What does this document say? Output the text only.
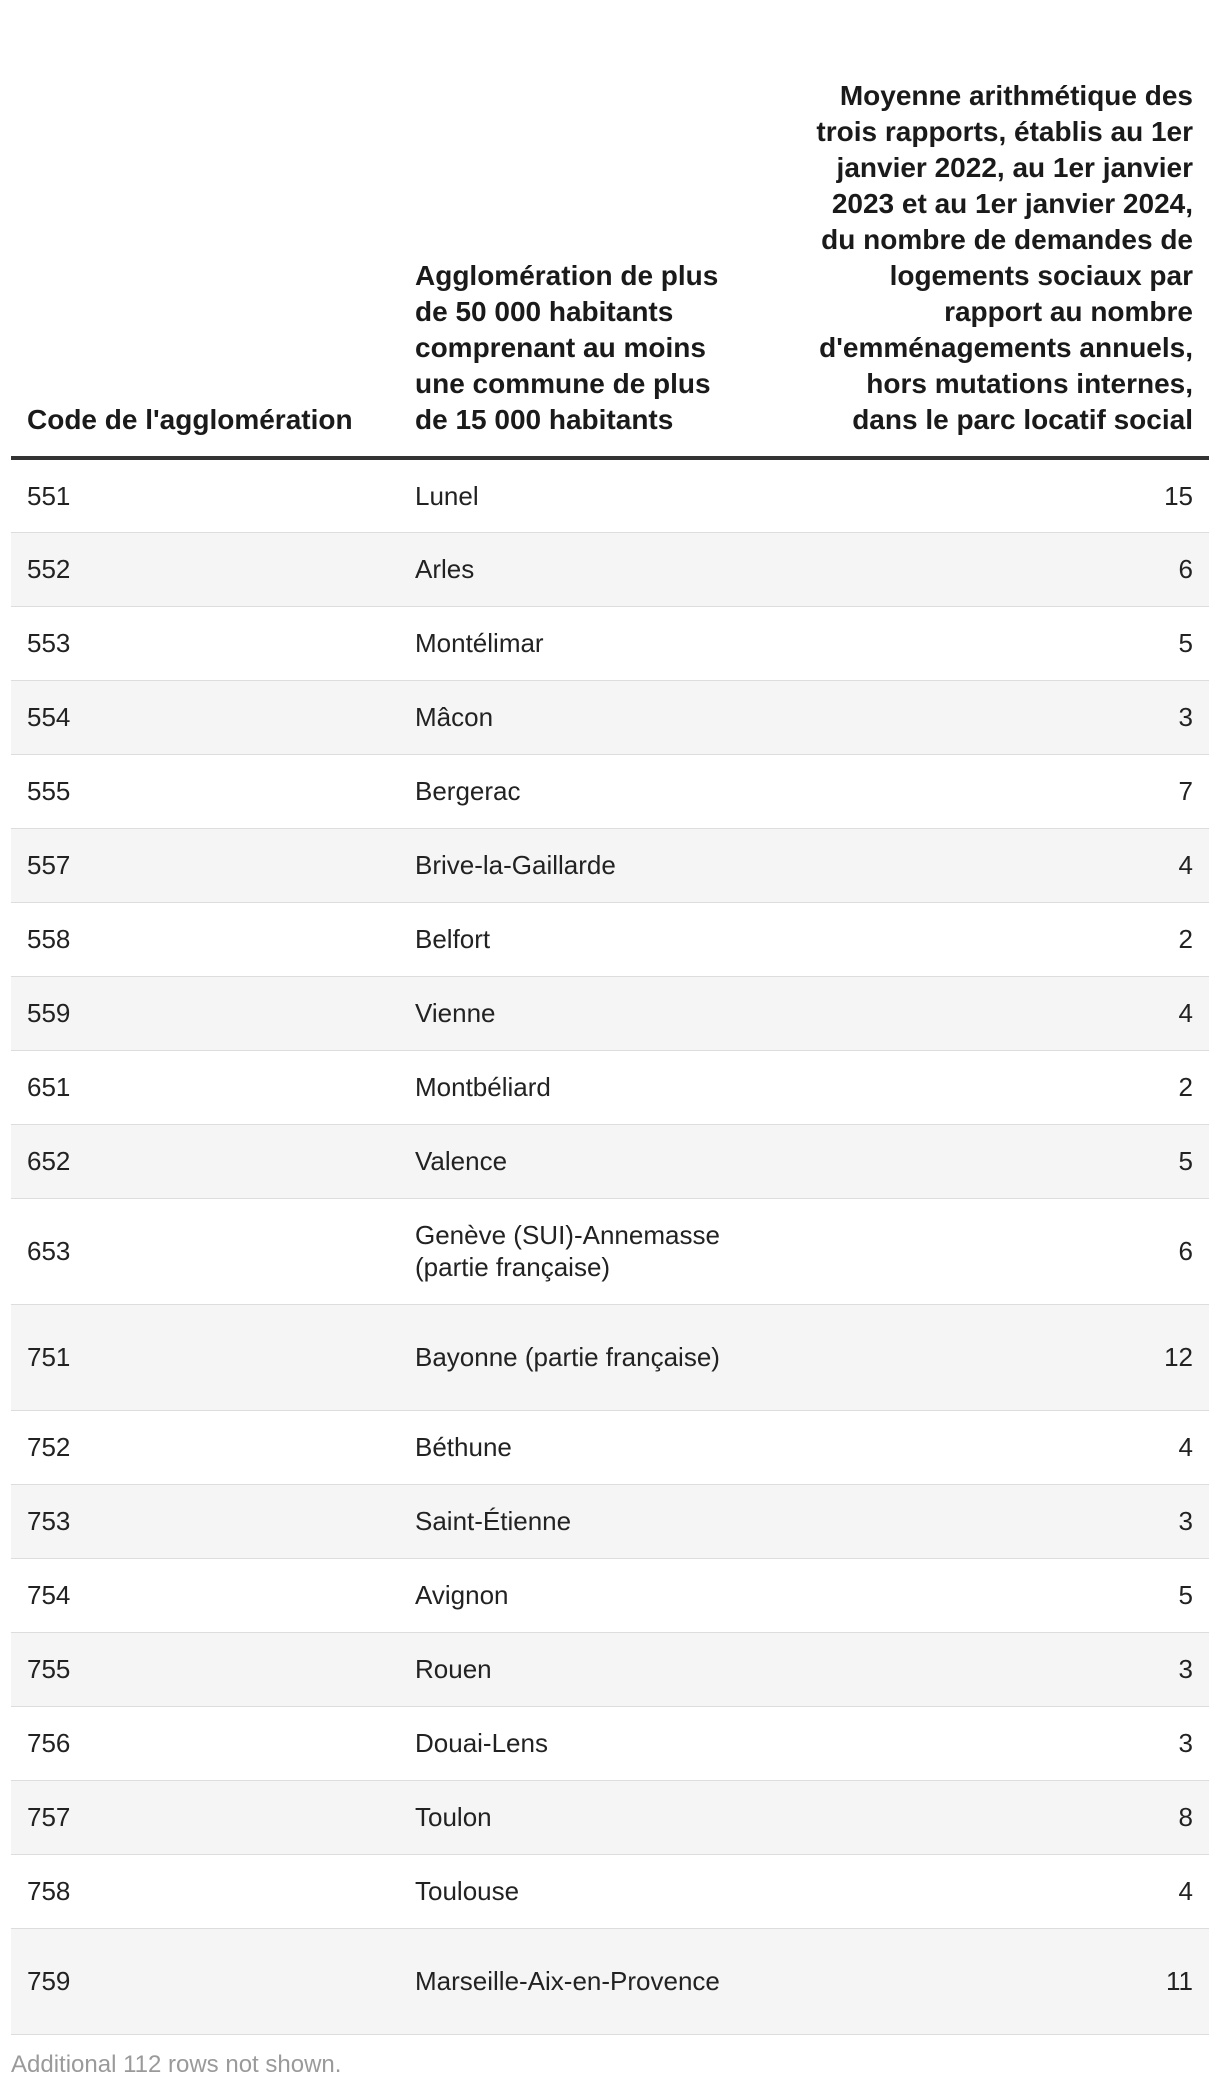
Code de l'agglomération	Agglomération de plus de 50 000 habitants comprenant au moins une commune de plus de 15 000 habitants	Moyenne arithmétique des trois rapports, établis au 1er janvier 2022, au 1er janvier 2023 et au 1er janvier 2024, du nombre de demandes de logements sociaux par rapport au nombre d'emménagements annuels, hors mutations internes, dans le parc locatif social

551	Lunel	15
552	Arles	6
553	Montélimar	5
554	Mâcon	3
555	Bergerac	7
557	Brive-la-Gaillarde	4
558	Belfort	2
559	Vienne	4
651	Montbéliard	2
652	Valence	5
653	Genève (SUI)-Annemasse (partie française)	6
751	Bayonne (partie française)	12
752	Béthune	4
753	Saint-Étienne	3
754	Avignon	5
755	Rouen	3
756	Douai-Lens	3
757	Toulon	8
758	Toulouse	4
759	Marseille-Aix-en-Provence	11
Additional 112 rows not shown.
